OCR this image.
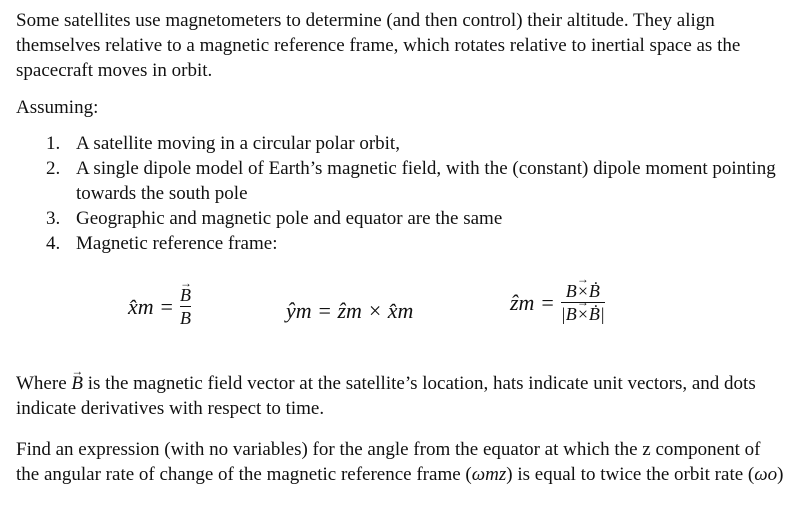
Some satellites use magnetometers to determine (and then control) their altitude. They align themselves relative to a magnetic reference frame, which rotates relative to inertial space as the spacecraft moves in orbit.

Assuming:

1. A satellite moving in a circular polar orbit,
2. A single dipole model of Earth’s magnetic field, with the (constant) dipole moment pointing towards the south pole
3. Geographic and magnetic pole and equator are the same
4. Magnetic reference frame:
x̂m = → $\frac{B}{B}$	ŷm = ẑm × x̂m	ẑm = → B×Ḃ
→ |B×Ḃ|

Where → B is the magnetic field vector at the satellite’s location, hats indicate unit vectors, and dots indicate derivatives with respect to time.

Find an expression (with no variables) for the angle from the equator at which the z component of the angular rate of change of the magnetic reference frame (ωmz) is equal to twice the orbit rate (ωo)
